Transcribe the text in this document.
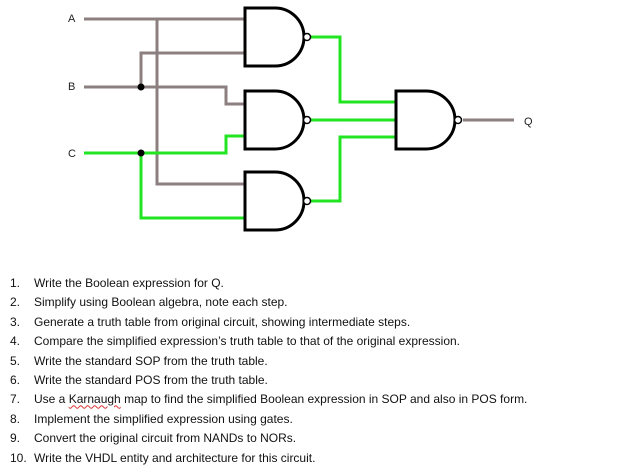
A
B
C
Q
1. Write the Boolean expression for Q.
2. Simplify using Boolean algebra, note each step.
3. Generate a truth table from original circuit, showing intermediate steps.
4. Compare the simplified expression’s truth table to that of the original expression.
5. Write the standard SOP from the truth table.
6. Write the standard POS from the truth table.
7. Use a Karnaugh map to find the simplified Boolean expression in SOP and also in POS form.
8. Implement the simplified expression using gates.
9. Convert the original circuit from NANDs to NORs.
10. Write the VHDL entity and architecture for this circuit.
